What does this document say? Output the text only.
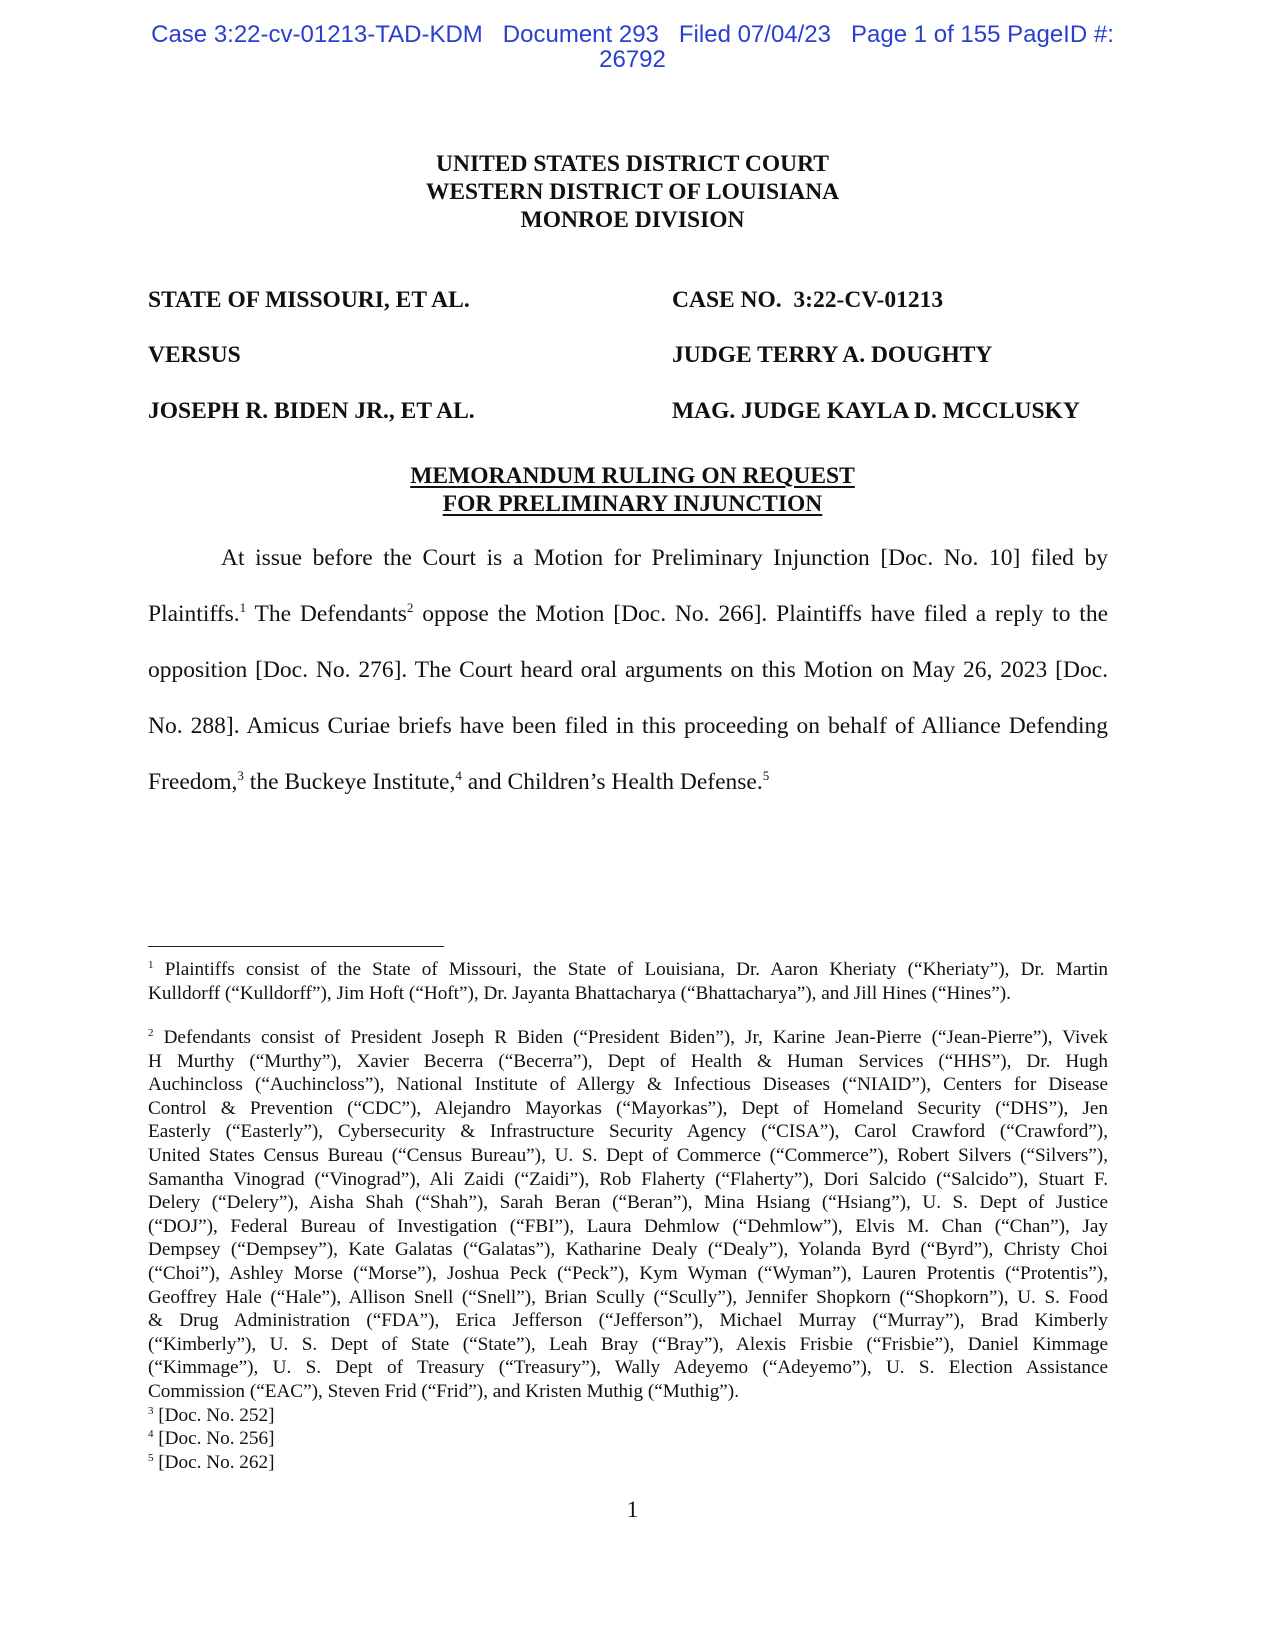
Case 3:22-cv-01213-TAD-KDM   Document 293   Filed 07/04/23   Page 1 of 155 PageID #:
26792
UNITED STATES DISTRICT COURT
WESTERN DISTRICT OF LOUISIANA
MONROE DIVISION
STATE OF MISSOURI, ET AL.
VERSUS
JOSEPH R. BIDEN JR., ET AL.
CASE NO.  3:22-CV-01213
JUDGE TERRY A. DOUGHTY
MAG. JUDGE KAYLA D. MCCLUSKY
MEMORANDUM RULING ON REQUEST
FOR PRELIMINARY INJUNCTION
At issue before the Court is a Motion for Preliminary Injunction [Doc. No. 10] filed by
Plaintiffs.$^1$ The Defendants$^2$ oppose the Motion [Doc. No. 266]. Plaintiffs have filed a reply to the
opposition [Doc. No. 276]. The Court heard oral arguments on this Motion on May 26, 2023 [Doc.
No. 288]. Amicus Curiae briefs have been filed in this proceeding on behalf of Alliance Defending
Freedom,$^3$ the Buckeye Institute,$^4$ and Children’s Health Defense.$^5$
$^1$ Plaintiffs consist of the State of Missouri, the State of Louisiana, Dr. Aaron Kheriaty (“Kheriaty”), Dr. Martin
Kulldorff (“Kulldorff”), Jim Hoft (“Hoft”), Dr. Jayanta Bhattacharya (“Bhattacharya”), and Jill Hines (“Hines”).
$^2$ Defendants consist of President Joseph R Biden (“President Biden”), Jr, Karine Jean-Pierre (“Jean-Pierre”), Vivek
H Murthy (“Murthy”), Xavier Becerra (“Becerra”), Dept of Health & Human Services (“HHS”), Dr. Hugh
Auchincloss (“Auchincloss”), National Institute of Allergy & Infectious Diseases (“NIAID”), Centers for Disease
Control & Prevention (“CDC”), Alejandro Mayorkas (“Mayorkas”), Dept of Homeland Security (“DHS”), Jen
Easterly (“Easterly”), Cybersecurity & Infrastructure Security Agency (“CISA”), Carol Crawford (“Crawford”),
United States Census Bureau (“Census Bureau”), U. S. Dept of Commerce (“Commerce”), Robert Silvers (“Silvers”),
Samantha Vinograd (“Vinograd”), Ali Zaidi (“Zaidi”), Rob Flaherty (“Flaherty”), Dori Salcido (“Salcido”), Stuart F.
Delery (“Delery”), Aisha Shah (“Shah”), Sarah Beran (“Beran”), Mina Hsiang (“Hsiang”), U. S. Dept of Justice
(“DOJ”), Federal Bureau of Investigation (“FBI”), Laura Dehmlow (“Dehmlow”), Elvis M. Chan (“Chan”), Jay
Dempsey (“Dempsey”), Kate Galatas (“Galatas”), Katharine Dealy (“Dealy”), Yolanda Byrd (“Byrd”), Christy Choi
(“Choi”), Ashley Morse (“Morse”), Joshua Peck (“Peck”), Kym Wyman (“Wyman”), Lauren Protentis (“Protentis”),
Geoffrey Hale (“Hale”), Allison Snell (“Snell”), Brian Scully (“Scully”), Jennifer Shopkorn (“Shopkorn”), U. S. Food
& Drug Administration (“FDA”), Erica Jefferson (“Jefferson”), Michael Murray (“Murray”), Brad Kimberly
(“Kimberly”), U. S. Dept of State (“State”), Leah Bray (“Bray”), Alexis Frisbie (“Frisbie”), Daniel Kimmage
(“Kimmage”), U. S. Dept of Treasury (“Treasury”), Wally Adeyemo (“Adeyemo”), U. S. Election Assistance
Commission (“EAC”), Steven Frid (“Frid”), and Kristen Muthig (“Muthig”).
$^3$ [Doc. No. 252]
$^4$ [Doc. No. 256]
$^5$ [Doc. No. 262]
1
